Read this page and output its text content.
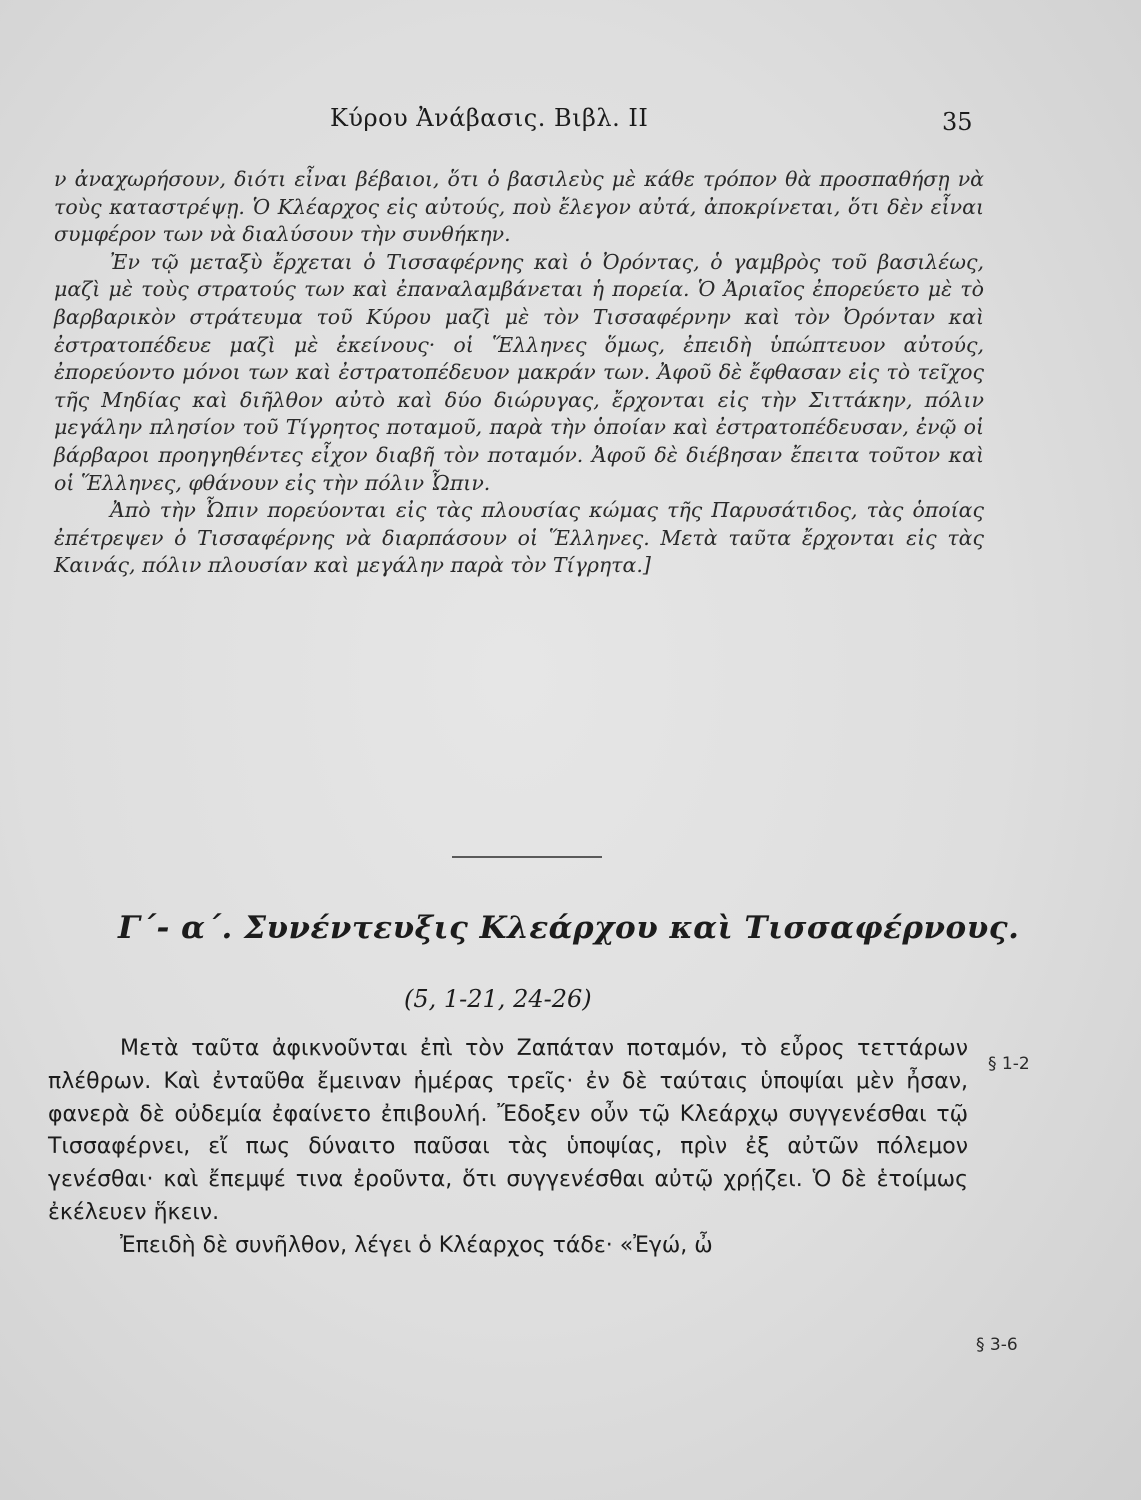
Κύρου Ἀνάβασις. Βιβλ. II	35

ν ἀναχωρήσουν, διότι εἶναι βέβαιοι, ὅτι ὁ βασιλεὺς μὲ κάθε τρόπον θὰ προσπαθήσῃ νὰ τοὺς καταστρέψῃ. Ὁ Κλέαρχος εἰς αὐτούς, ποὺ ἔλεγον αὐτά, ἀποκρίνεται, ὅτι δὲν εἶναι συμφέρον των νὰ διαλύσουν τὴν συνθήκην.

Ἐν τῷ μεταξὺ ἔρχεται ὁ Τισσαφέρνης καὶ ὁ Ὀρόντας, ὁ γαμβρὸς τοῦ βασιλέως, μαζὶ μὲ τοὺς στρατούς των καὶ ἐπαναλαμβάνεται ἡ πορεία. Ὁ Ἀριαῖος ἐπορεύετο μὲ τὸ βαρβαρικὸν στράτευμα τοῦ Κύρου μαζὶ μὲ τὸν Τισσαφέρνην καὶ τὸν Ὀρόνταν καὶ ἐστρατοπέδευε μαζὶ μὲ ἐκείνους· οἱ Ἕλληνες ὅμως, ἐπειδὴ ὑπώπτευον αὐτούς, ἐπορεύοντο μόνοι των καὶ ἐστρατοπέδευον μακράν των. Ἀφοῦ δὲ ἔφθασαν εἰς τὸ τεῖχος τῆς Μηδίας καὶ διῆλθον αὐτὸ καὶ δύο διώρυγας, ἔρχονται εἰς τὴν Σιττάκην, πόλιν μεγάλην πλησίον τοῦ Τίγρητος ποταμοῦ, παρὰ τὴν ὁποίαν καὶ ἐστρατοπέδευσαν, ἐνῷ οἱ βάρβαροι προηγηθέντες εἶχον διαβῆ τὸν ποταμόν. Ἀφοῦ δὲ διέβησαν ἔπειτα τοῦτον καὶ οἱ Ἕλληνες, φθάνουν εἰς τὴν πόλιν Ὦπιν.

Ἀπὸ τὴν Ὦπιν πορεύονται εἰς τὰς πλουσίας κώμας τῆς Παρυσάτιδος, τὰς ὁποίας ἐπέτρεψεν ὁ Τισσαφέρνης νὰ διαρπάσουν οἱ Ἕλληνες. Μετὰ ταῦτα ἔρχονται εἰς τὰς Καινάς, πόλιν πλουσίαν καὶ μεγάλην παρὰ τὸν Τίγρητα.]

Γ΄- α΄. Συνέντευξις Κλεάρχου καὶ Τισσαφέρνους.
(5, 1-21, 24-26)

Μετὰ ταῦτα ἀφικνοῦνται ἐπὶ τὸν Ζαπάταν ποταμόν, τὸ εὖρος τεττάρων πλέθρων. Καὶ ἐνταῦθα ἔμειναν ἡμέρας τρεῖς· ἐν δὲ ταύταις ὑποψίαι μὲν ἦσαν, φανερὰ δὲ οὐδεμία ἐφαίνετο ἐπιβουλή. Ἔδοξεν οὖν τῷ Κλεάρχῳ συγγενέσθαι τῷ Τισσαφέρνει, εἴ πως δύναιτο παῦσαι τὰς ὑποψίας, πρὶν ἐξ αὐτῶν πόλεμον γενέσθαι· καὶ ἔπεμψέ τινα ἐροῦντα, ὅτι συγγενέσθαι αὐτῷ χρῄζει. Ὁ δὲ ἑτοίμως ἐκέλευεν ἥκειν.

Ἐπειδὴ δὲ συνῆλθον, λέγει ὁ Κλέαρχος τάδε· «Ἐγώ, ὦ

§ 1-2
§ 3-6
